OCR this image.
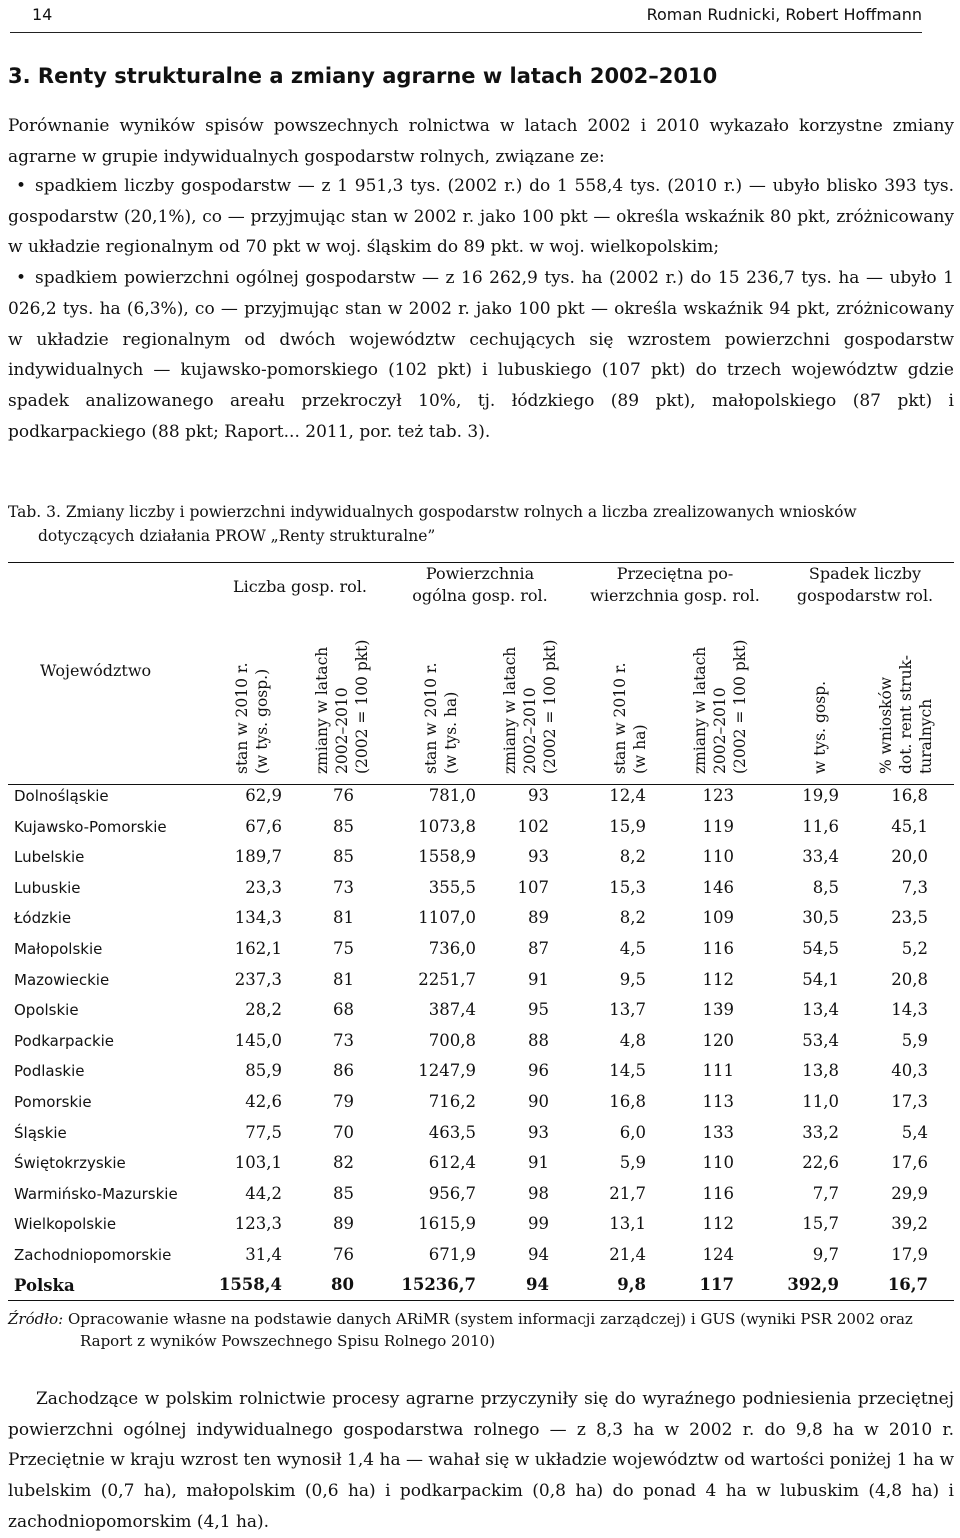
14	Roman Rudnicki, Robert Hoffmann
3. Renty strukturalne a zmiany agrarne w latach 2002–2010
Porównanie wyników spisów powszechnych rolnictwa w latach 2002 i 2010 wykazało korzystne zmiany agrarne w grupie indywidualnych gospodarstw rolnych, związane ze:
• spadkiem liczby gospodarstw — z 1 951,3 tys. (2002 r.) do 1 558,4 tys. (2010 r.) — ubyło blisko 393 tys. gospodarstw (20,1%), co — przyjmując stan w 2002 r. jako 100 pkt — określa wskaźnik 80 pkt, zróżnicowany w układzie regionalnym od 70 pkt w woj. śląskim do 89 pkt. w woj. wielkopolskim;
• spadkiem powierzchni ogólnej gospodarstw — z 16 262,9 tys. ha (2002 r.) do 15 236,7 tys. ha — ubyło 1 026,2 tys. ha (6,3%), co — przyjmując stan w 2002 r. jako 100 pkt — określa wskaźnik 94 pkt, zróżnicowany w układzie regionalnym od dwóch województw cechujących się wzrostem powierzchni gospodarstw indywidualnych — kujawsko-pomorskiego (102 pkt) i lubuskiego (107 pkt) do trzech województw gdzie spadek analizowanego areału przekroczył 10%, tj. łódzkiego (89 pkt), małopolskiego (87 pkt) i podkarpackiego (88 pkt; Raport... 2011, por. też tab. 3).
Tab. 3. Zmiany liczby i powierzchni indywidualnych gospodarstw rolnych a liczba zrealizowanych wniosków dotyczących działania PROW „Renty strukturalne”
Liczba gosp. rol.
Powierzchnia
ogólna gosp. rol.
Przeciętna po-
wierzchnia gosp. rol.
Spadek liczby
gospodarstw rol.
Województwo
stan w 2010 r.
(w tys. gosp.)
zmiany w latach
2002–2010
(2002 = 100 pkt)
stan w 2010 r.
(w tys. ha)
zmiany w latach
2002–2010
(2002 = 100 pkt)
stan w 2010 r.
(w ha)	zmiany w latach
2002–2010
(2002 = 100 pkt)
w tys. gosp.	% wniosków
dot. rent struk-
turalnych
Dolnośląskie	62,9	76	781,0	93	12,4	123	19,9	16,8
Kujawsko-Pomorskie	67,6	85	1073,8	102	15,9	119	11,6	45,1
Lubelskie	189,7	85	1558,9	93	8,2	110	33,4	20,0
Lubuskie	23,3	73	355,5	107	15,3	146	8,5	7,3
Łódzkie	134,3	81	1107,0	89	8,2	109	30,5	23,5
Małopolskie	162,1	75	736,0	87	4,5	116	54,5	5,2
Mazowieckie	237,3	81	2251,7	91	9,5	112	54,1	20,8
Opolskie	28,2	68	387,4	95	13,7	139	13,4	14,3
Podkarpackie	145,0	73	700,8	88	4,8	120	53,4	5,9
Podlaskie	85,9	86	1247,9	96	14,5	111	13,8	40,3
Pomorskie	42,6	79	716,2	90	16,8	113	11,0	17,3
Śląskie	77,5	70	463,5	93	6,0	133	33,2	5,4
Świętokrzyskie	103,1	82	612,4	91	5,9	110	22,6	17,6
Warmińsko-Mazurskie	44,2	85	956,7	98	21,7	116	7,7	29,9
Wielkopolskie	123,3	89	1615,9	99	13,1	112	15,7	39,2
Zachodniopomorskie	31,4	76	671,9	94	21,4	124	9,7	17,9
Polska	1558,4	80	15236,7	94	9,8	117	392,9	16,7
Źródło: Opracowanie własne na podstawie danych ARiMR (system informacji zarządczej) i GUS (wyniki PSR 2002 oraz
Raport z wyników Powszechnego Spisu Rolnego 2010)
Zachodzące w polskim rolnictwie procesy agrarne przyczyniły się do wyraźnego podniesienia przeciętnej powierzchni ogólnej indywidualnego gospodarstwa rolnego — z 8,3 ha w 2002 r. do 9,8 ha w 2010 r. Przeciętnie w kraju wzrost ten wynosił 1,4 ha — wahał się w układzie województw od wartości poniżej 1 ha w lubelskim (0,7 ha), małopolskim (0,6 ha) i podkarpackim (0,8 ha) do ponad 4 ha w lubuskim (4,8 ha) i zachodniopomorskim (4,1 ha).
